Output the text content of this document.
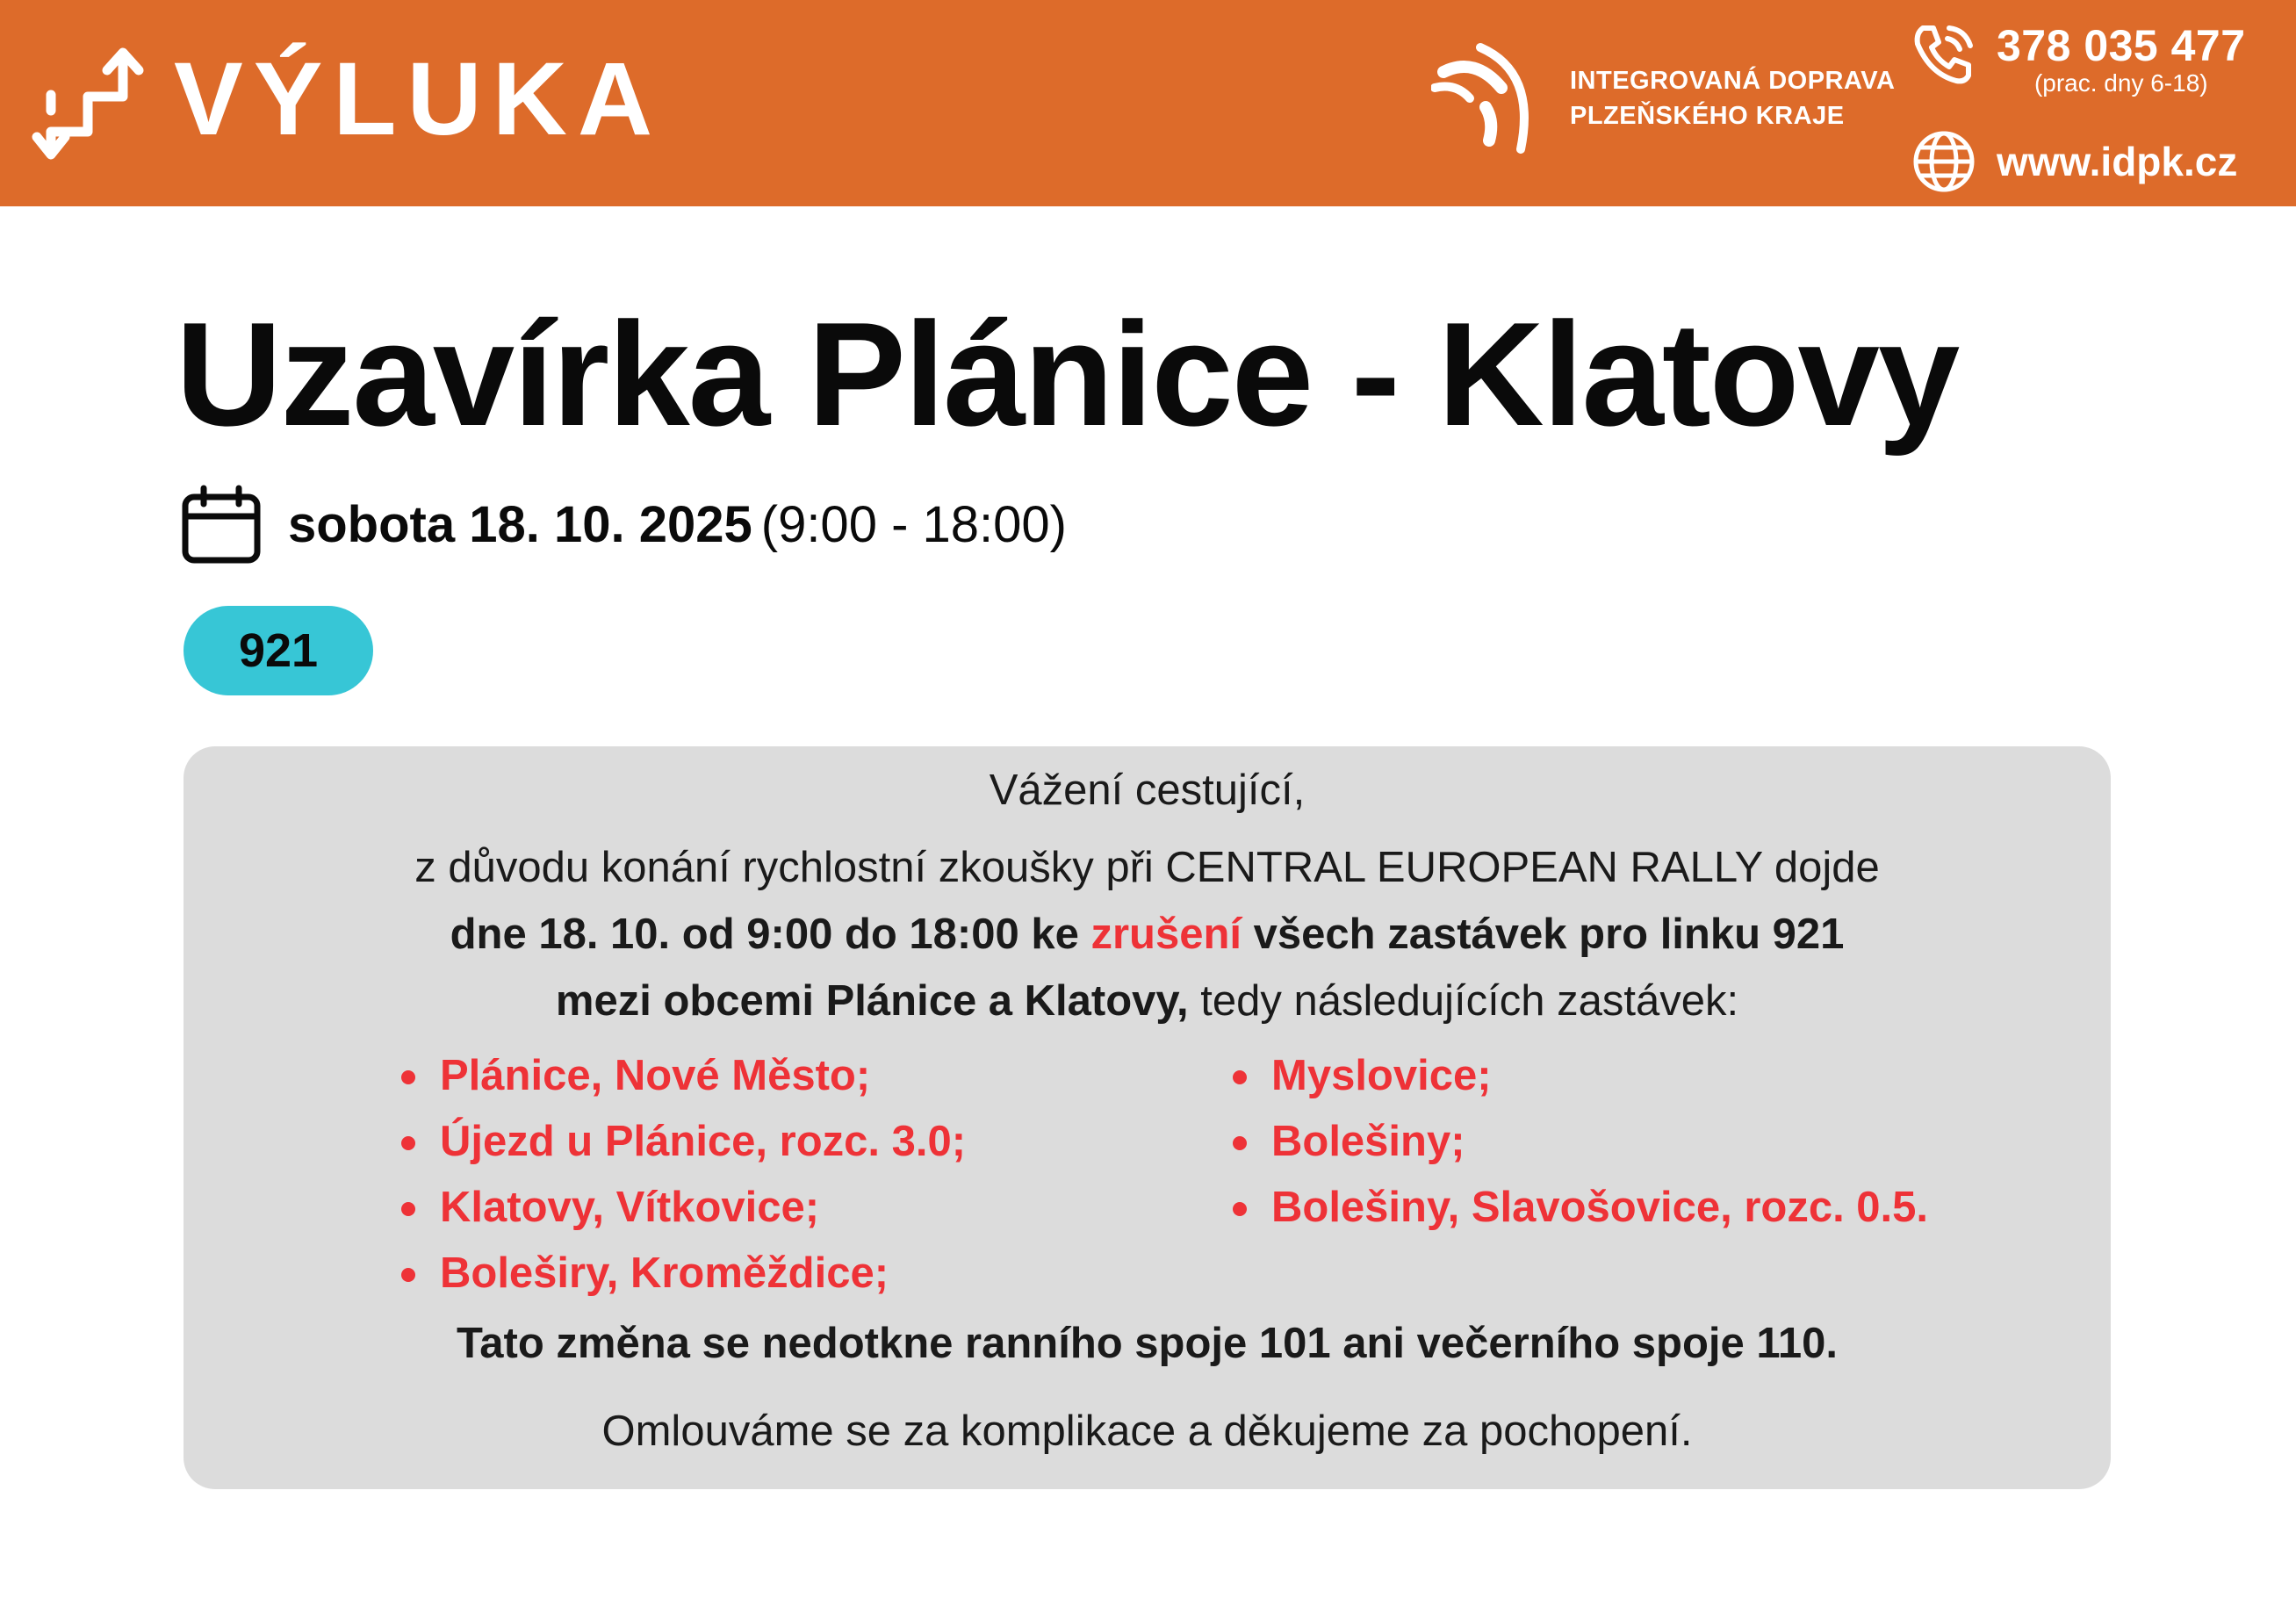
VÝLUKA	INTEGROVANÁ DOPRAVA
PLZEŇSKÉHO KRAJE
378 035 477
(prac. dny 6-18)
www.idpk.cz
Uzavírka Plánice - Klatovy
sobota 18. 10. 2025 (9:00 - 18:00)
921

Vážení cestující,

z důvodu konání rychlostní zkoušky při CENTRAL EUROPEAN RALLY dojde

dne 18. 10. od 9:00 do 18:00 ke zrušení všech zastávek pro linku 921

mezi obcemi Plánice a Klatovy, tedy následujících zastávek:

Plánice, Nové Město;
Újezd u Plánice, rozc. 3.0;
Klatovy, Vítkovice;
Boleširy, Kroměždice;
Myslovice;
Bolešiny;
Bolešiny, Slavošovice, rozc. 0.5.

Tato změna se nedotkne ranního spoje 101 ani večerního spoje 110.

Omlouváme se za komplikace a děkujeme za pochopení.
